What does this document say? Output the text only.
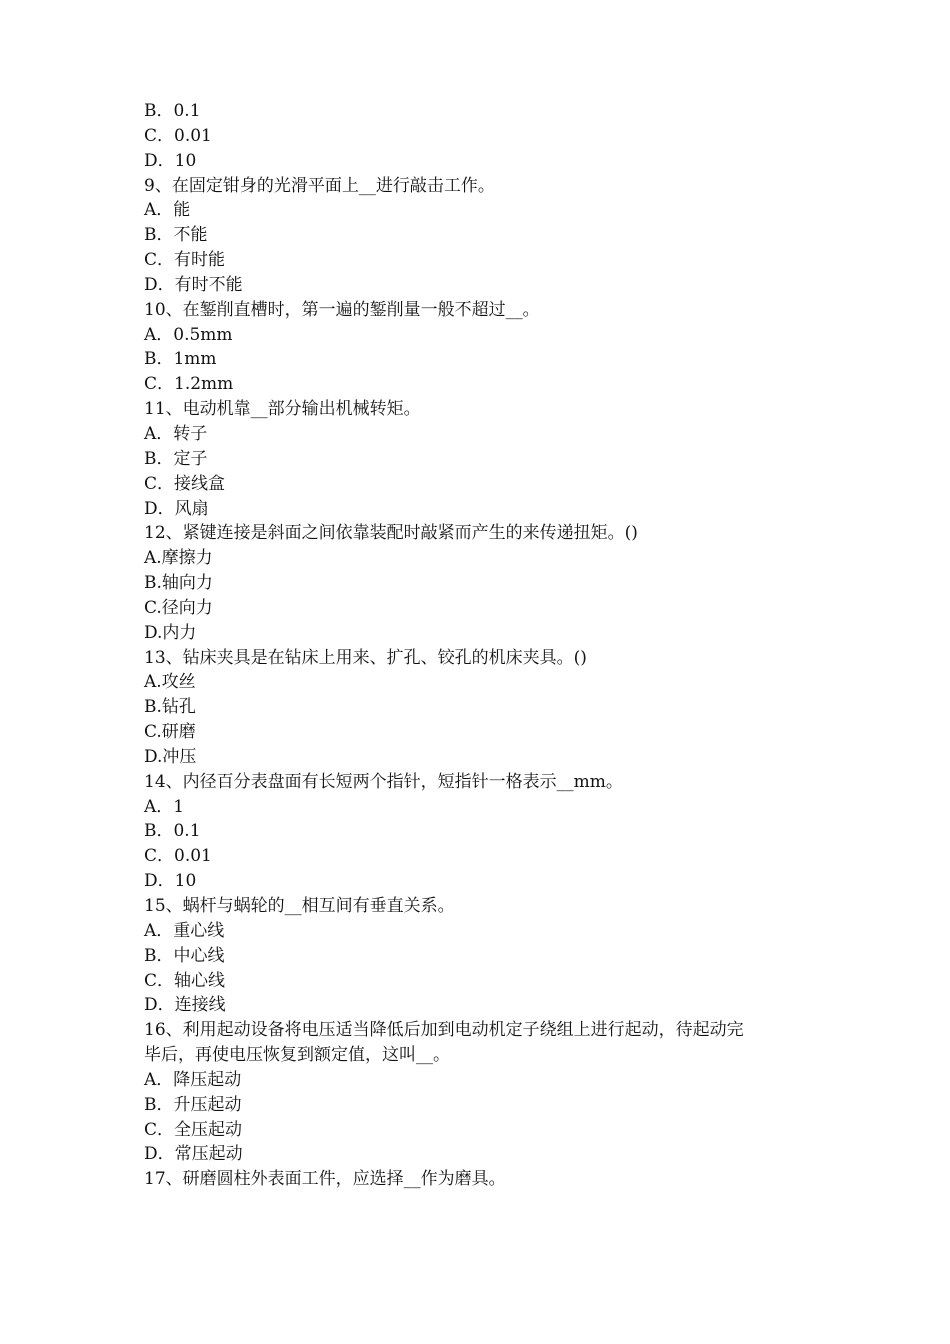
B．0.1
C．0.01
D．10
9、在固定钳身的光滑平面上__进行敲击工作。
A．能
B．不能
C．有时能
D．有时不能
10、在錾削直槽时，第一遍的錾削量一般不超过__。
A．0.5mm
B．1mm
C．1.2mm
11、电动机靠__部分输出机械转矩。
A．转子
B．定子
C．接线盒
D．风扇
12、紧键连接是斜面之间依靠装配时敲紧而产生的来传递扭矩。()
A.摩擦力
B.轴向力
C.径向力
D.内力
13、钻床夹具是在钻床上用来、扩孔、铰孔的机床夹具。()
A.攻丝
B.钻孔
C.研磨
D.冲压
14、内径百分表盘面有长短两个指针，短指针一格表示__mm。
A．1
B．0.1
C．0.01
D．10
15、蜗杆与蜗轮的__相互间有垂直关系。
A．重心线
B．中心线
C．轴心线
D．连接线
16、利用起动设备将电压适当降低后加到电动机定子绕组上进行起动，待起动完
毕后，再使电压恢复到额定值，这叫__。
A．降压起动
B．升压起动
C．全压起动
D．常压起动
17、研磨圆柱外表面工件，应选择__作为磨具。
